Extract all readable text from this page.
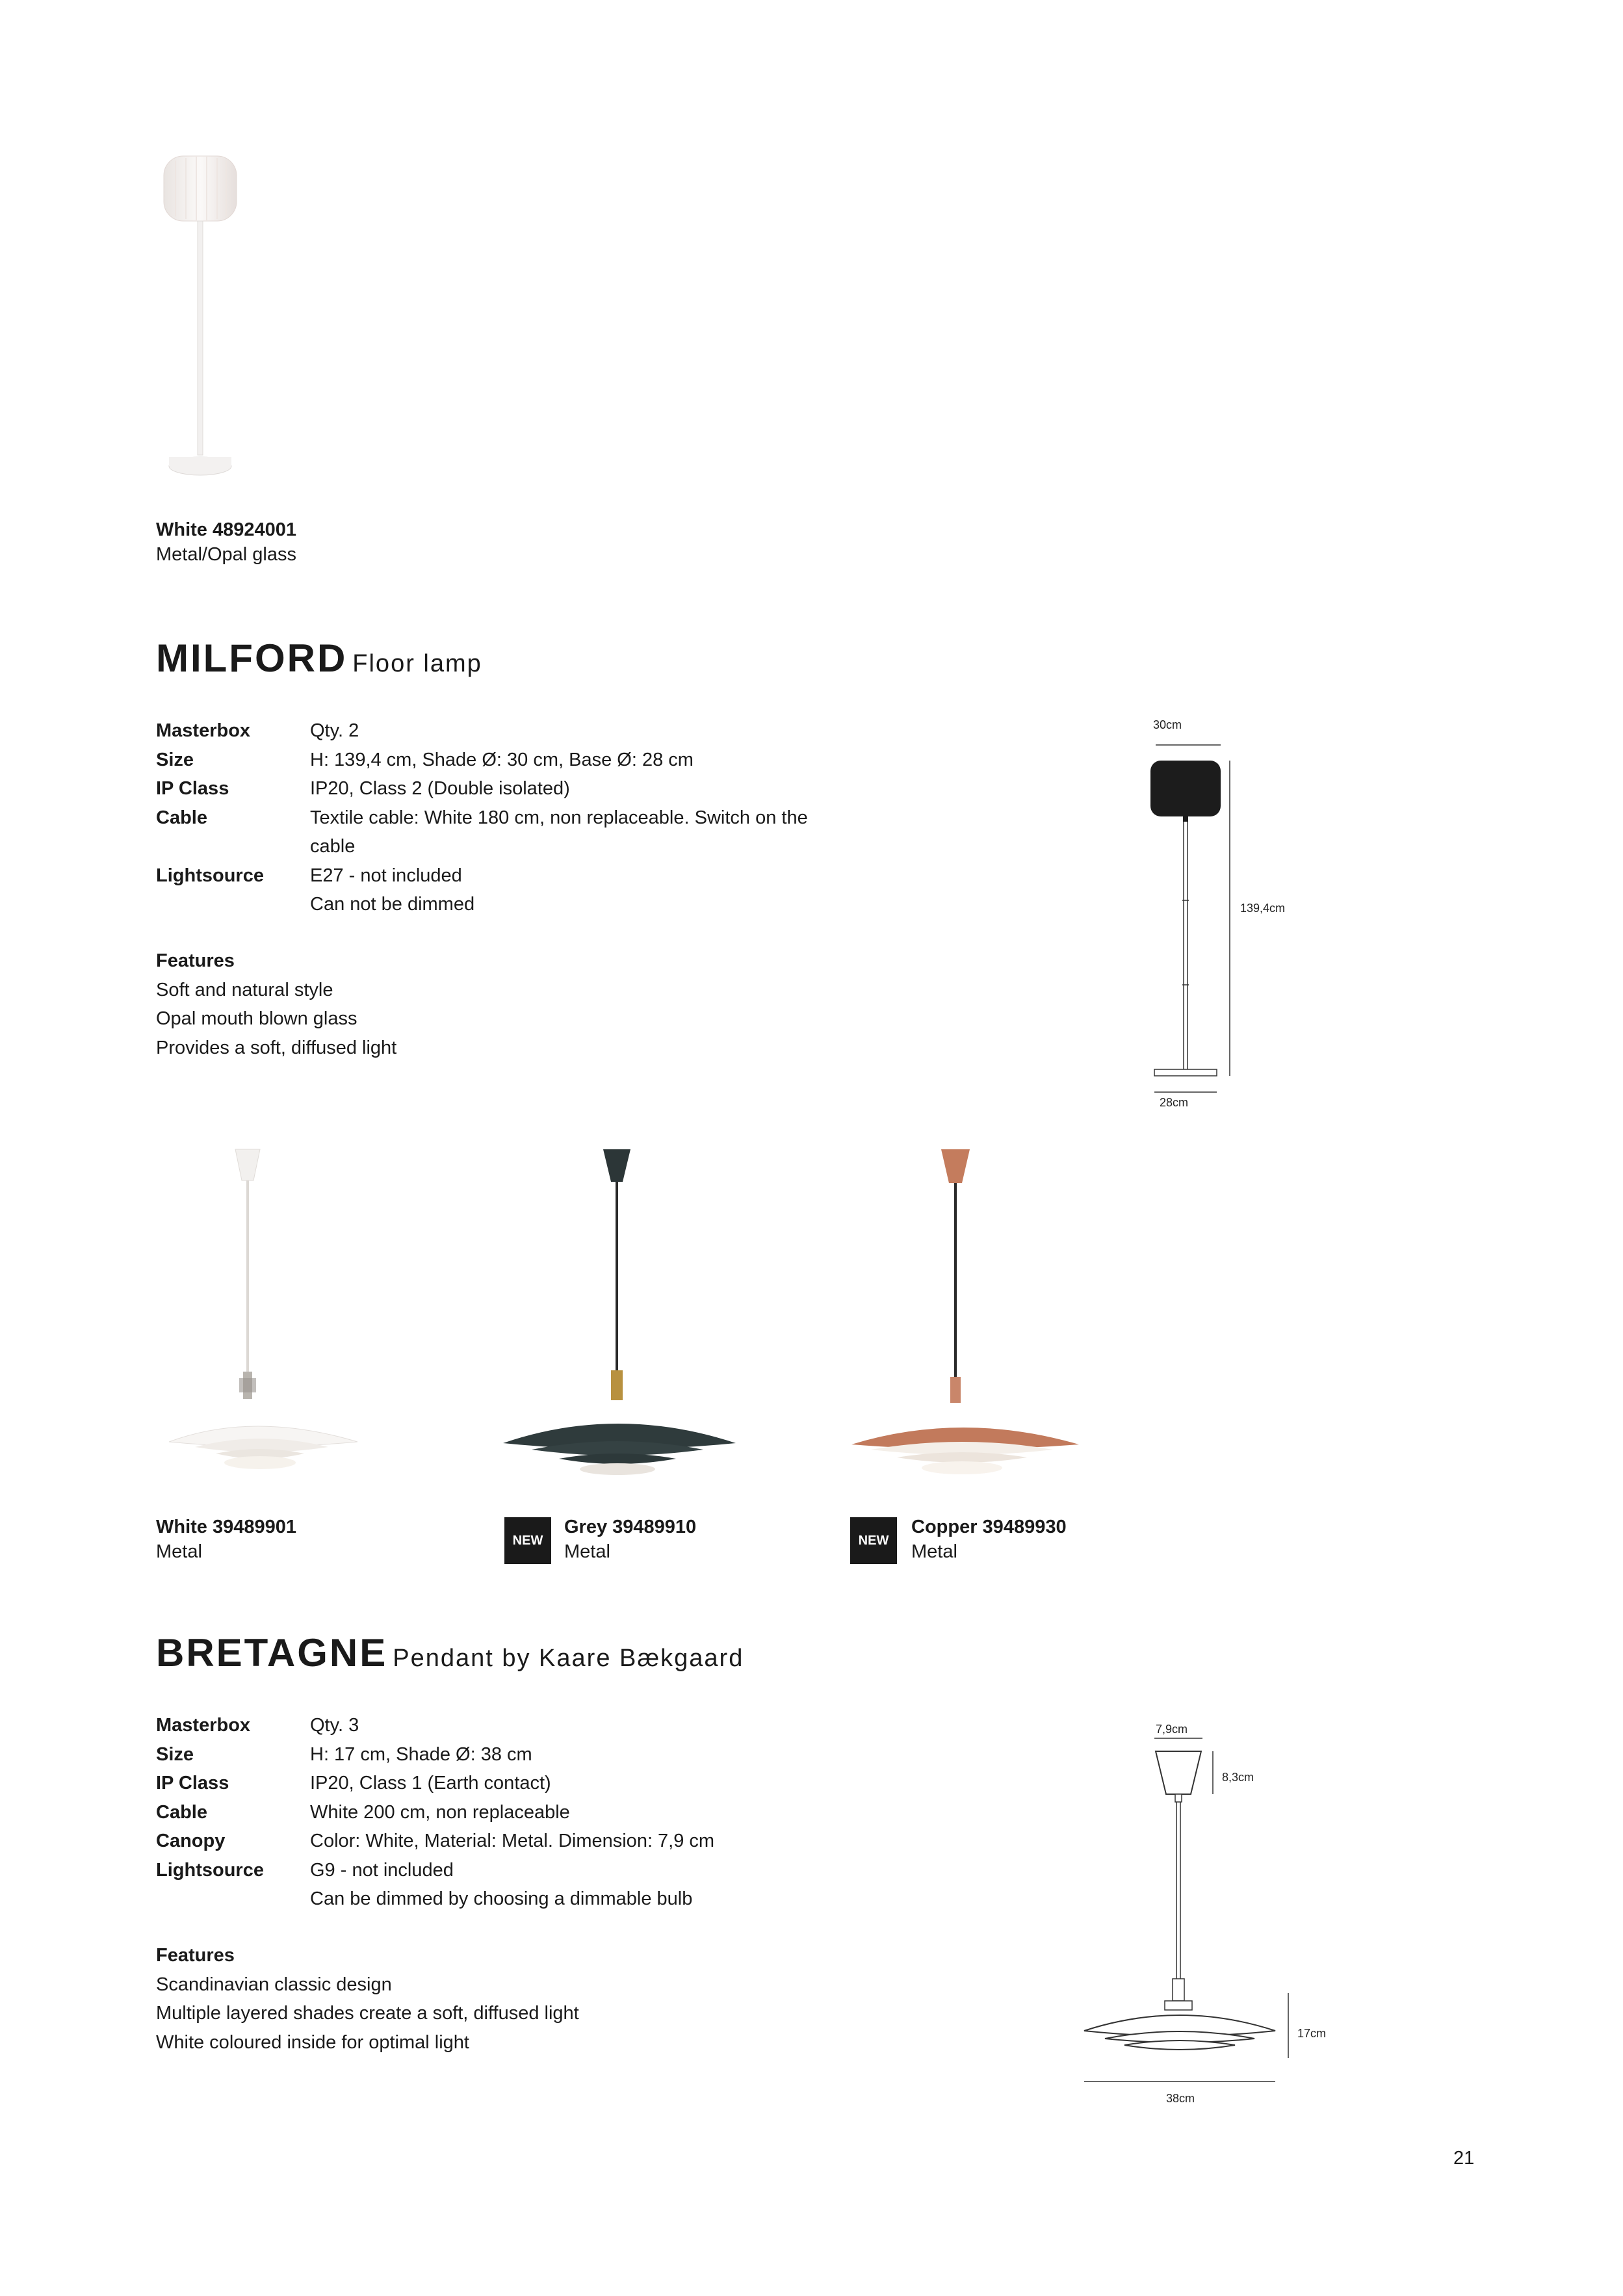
White 48924001
Metal/Opal glass
MILFORD Floor lamp
Masterbox	Qty. 2
Size	H: 139,4 cm, Shade Ø: 30 cm, Base Ø: 28 cm
IP Class	IP20, Class 2 (Double isolated)
Cable	Textile cable: White 180 cm, non replaceable. Switch on the cable
Lightsource	E27 - not included
Can not be dimmed
Features
Soft and natural style
Opal mouth blown glass
Provides a soft, diffused light
30cm
139,4cm
28cm
White 39489901
Metal
NEW
Grey 39489910
Metal
NEW
Copper 39489930
Metal
BRETAGNE Pendant by Kaare Bækgaard
Masterbox	Qty. 3
Size	H: 17 cm, Shade Ø: 38 cm
IP Class	IP20, Class 1 (Earth contact)
Cable	White 200 cm, non replaceable
Canopy	Color: White, Material: Metal. Dimension: 7,9 cm
Lightsource	G9 - not included
Can be dimmed by choosing a dimmable bulb
Features
Scandinavian classic design
Multiple layered shades create a soft, diffused light
White coloured inside for optimal light
7,9cm
8,3cm
17cm
38cm
21
